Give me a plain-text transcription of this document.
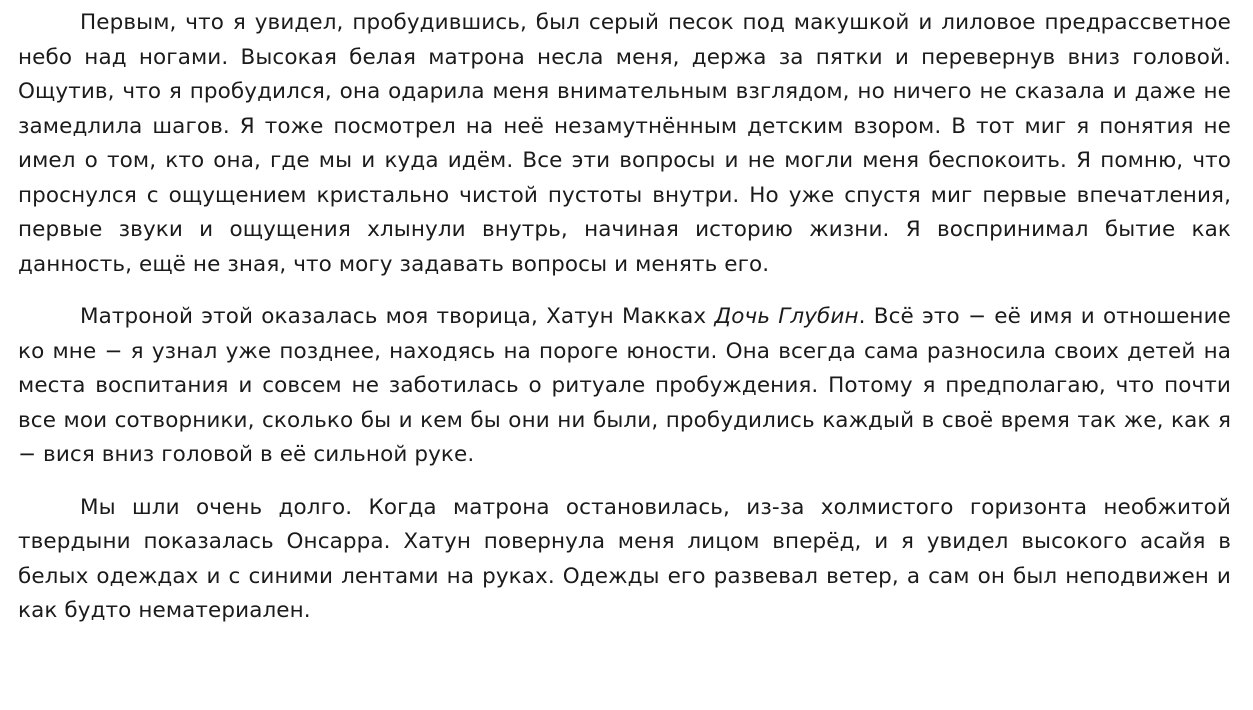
Первым, что я увидел, пробудившись, был серый песок под макушкой и лиловое предрассветное небо над ногами. Высокая белая матрона несла меня, держа за пятки и перевернув вниз головой. Ощутив, что я пробудился, она одарила меня внимательным взглядом, но ничего не сказала и даже не замедлила шагов. Я тоже посмотрел на неё незамутнённым детским взором. В тот миг я понятия не имел о том, кто она, где мы и куда идём. Все эти вопросы и не могли меня беспокоить. Я помню, что проснулся с ощущением кристально чистой пустоты внутри. Но уже спустя миг первые впечатления, первые звуки и ощущения хлынули внутрь, начиная историю жизни. Я воспринимал бытие как данность, ещё не зная, что могу задавать вопросы и менять его.

Матроной этой оказалась моя творица, Хатун Макках Дочь Глубин. Всё это − её имя и отношение ко мне − я узнал уже позднее, находясь на пороге юности. Она всегда сама разносила своих детей на места воспитания и совсем не заботилась о ритуале пробуждения. Потому я предполагаю, что почти все мои сотворники, сколько бы и кем бы они ни были, пробудились каждый в своё время так же, как я − вися вниз головой в её сильной руке.

Мы шли очень долго. Когда матрона остановилась, из-за холмистого горизонта необжитой твердыни показалась Онсарра. Хатун повернула меня лицом вперёд, и я увидел высокого асайя в белых одеждах и с синими лентами на руках. Одежды его развевал ветер, а сам он был неподвижен и как будто нематериален.
